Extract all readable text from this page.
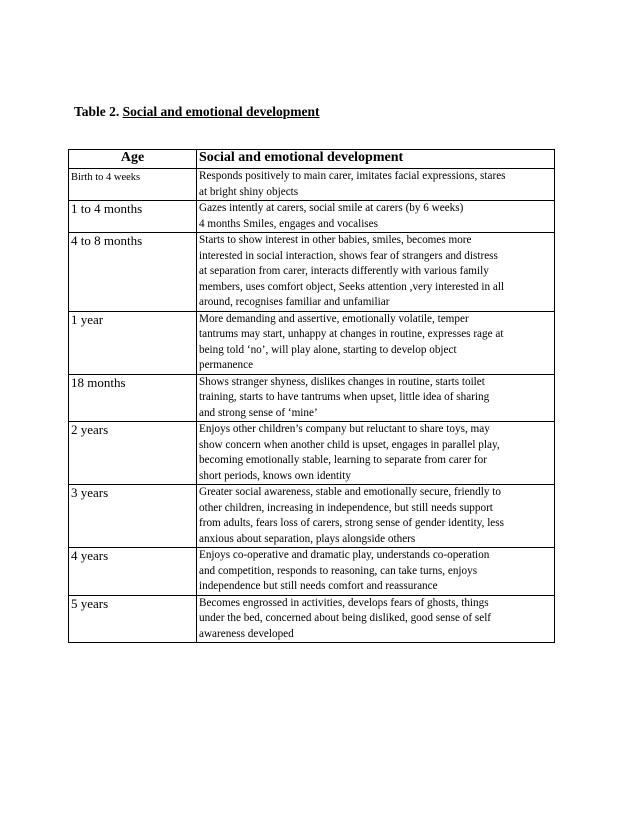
Table 2. Social and emotional development
Age	Social and emotional development
Birth to 4 weeks	Responds positively to main carer, imitates facial expressions, stares
at bright shiny objects

1 to 4 months	Gazes intently at carers, social smile at carers (by 6 weeks)
4 months Smiles, engages and vocalises

4 to 8 months	Starts to show interest in other babies, smiles, becomes more
interested in social interaction, shows fear of strangers and distress
at separation from carer, interacts differently with various family
members, uses comfort object, Seeks attention ,very interested in all
around, recognises familiar and unfamiliar

1 year	More demanding and assertive, emotionally volatile, temper
tantrums may start, unhappy at changes in routine, expresses rage at
being told ‘no’, will play alone, starting to develop object
permanence

18 months	Shows stranger shyness, dislikes changes in routine, starts toilet
training, starts to have tantrums when upset, little idea of sharing
and strong sense of ‘mine’

2 years	Enjoys other children’s company but reluctant to share toys, may
show concern when another child is upset, engages in parallel play,
becoming emotionally stable, learning to separate from carer for
short periods, knows own identity

3 years	Greater social awareness, stable and emotionally secure, friendly to
other children, increasing in independence, but still needs support
from adults, fears loss of carers, strong sense of gender identity, less
anxious about separation, plays alongside others

4 years	Enjoys co-operative and dramatic play, understands co-operation
and competition, responds to reasoning, can take turns, enjoys
independence but still needs comfort and reassurance

5 years	Becomes engrossed in activities, develops fears of ghosts, things
under the bed, concerned about being disliked, good sense of self
awareness developed
